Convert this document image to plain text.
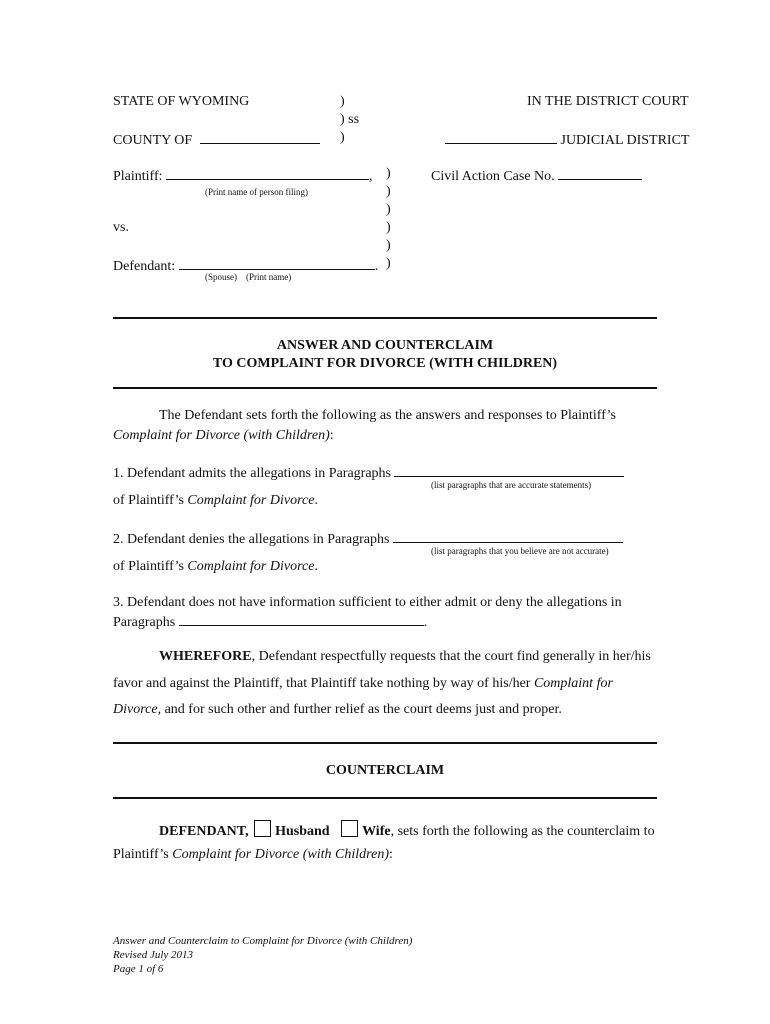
STATE OF WYOMING	)	IN THE DISTRICT COURT
) ss
COUNTY OF	)	JUDICIAL DISTRICT
Plaintiff:	, )	Civil Action Case No.
(Print name of person filing)	)
)
vs.	)
)
Defendant:	. )
(Spouse)    (Print name)
ANSWER AND COUNTERCLAIM
TO COMPLAINT FOR DIVORCE (WITH CHILDREN)
The Defendant sets forth the following as the answers and responses to Plaintiff’s
Complaint for Divorce (with Children):
1. Defendant admits the allegations in Paragraphs
(list paragraphs that are accurate statements)
of Plaintiff’s Complaint for Divorce.
2. Defendant denies the allegations in Paragraphs
(list paragraphs that you believe are not accurate)
of Plaintiff’s Complaint for Divorce.
3. Defendant does not have information sufficient to either admit or deny the allegations in
Paragraphs	.
WHEREFORE, Defendant respectfully requests that the court find generally in her/his
favor and against the Plaintiff, that Plaintiff take nothing by way of his/her Complaint for
Divorce, and for such other and further relief as the court deems just and proper.
COUNTERCLAIM
DEFENDANT, Husband Wife, sets forth the following as the counterclaim to
Plaintiff’s Complaint for Divorce (with Children):
Answer and Counterclaim to Complaint for Divorce (with Children)
Revised July 2013
Page 1 of 6
